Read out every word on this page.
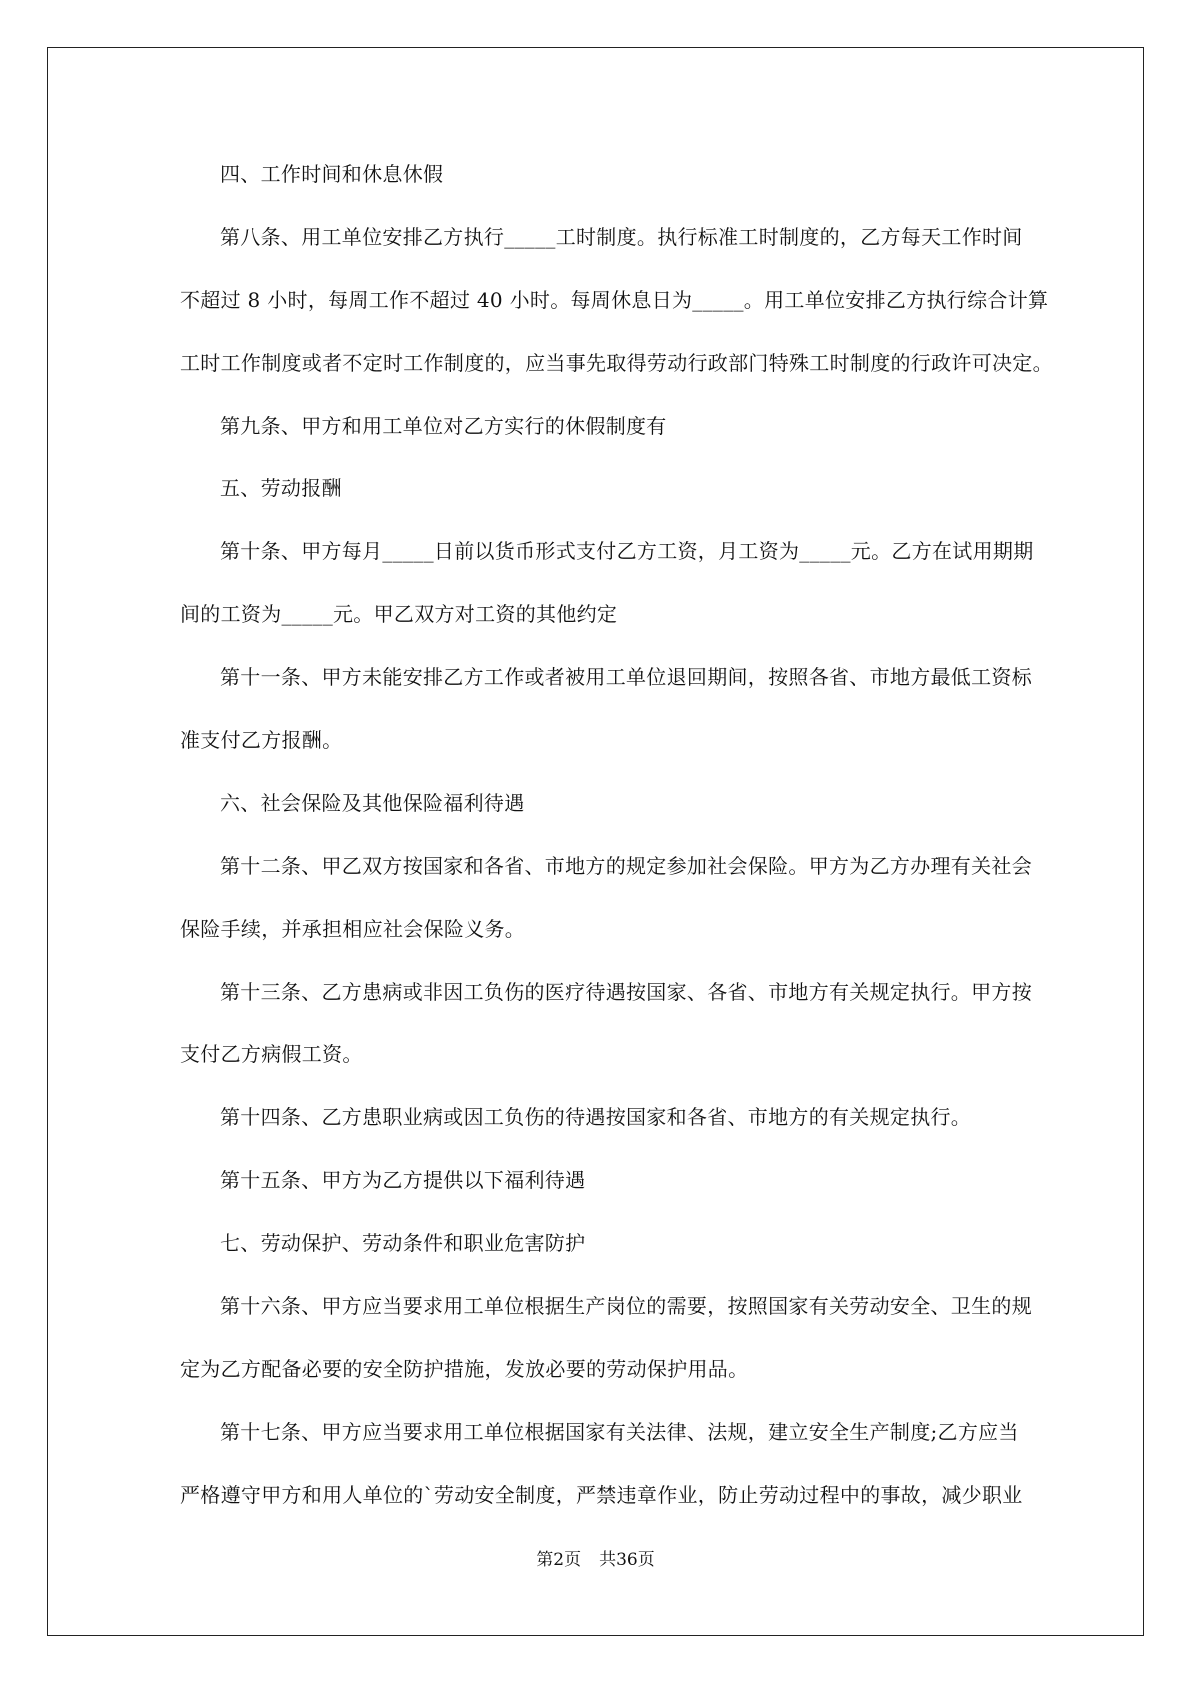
四、工作时间和休息休假
第八条、用工单位安排乙方执行_____工时制度。执行标准工时制度的，乙方每天工作时间
不超过 8 小时，每周工作不超过 40 小时。每周休息日为_____。用工单位安排乙方执行综合计算
工时工作制度或者不定时工作制度的，应当事先取得劳动行政部门特殊工时制度的行政许可决定。
第九条、甲方和用工单位对乙方实行的休假制度有
五、劳动报酬
第十条、甲方每月_____日前以货币形式支付乙方工资，月工资为_____元。乙方在试用期期
间的工资为_____元。甲乙双方对工资的其他约定
第十一条、甲方未能安排乙方工作或者被用工单位退回期间，按照各省、市地方最低工资标
准支付乙方报酬。
六、社会保险及其他保险福利待遇
第十二条、甲乙双方按国家和各省、市地方的规定参加社会保险。甲方为乙方办理有关社会
保险手续，并承担相应社会保险义务。
第十三条、乙方患病或非因工负伤的医疗待遇按国家、各省、市地方有关规定执行。甲方按
支付乙方病假工资。
第十四条、乙方患职业病或因工负伤的待遇按国家和各省、市地方的有关规定执行。
第十五条、甲方为乙方提供以下福利待遇
七、劳动保护、劳动条件和职业危害防护
第十六条、甲方应当要求用工单位根据生产岗位的需要，按照国家有关劳动安全、卫生的规
定为乙方配备必要的安全防护措施，发放必要的劳动保护用品。
第十七条、甲方应当要求用工单位根据国家有关法律、法规，建立安全生产制度;乙方应当
严格遵守甲方和用人单位的`劳动安全制度，严禁违章作业，防止劳动过程中的事故，减少职业
第2页 共36页
